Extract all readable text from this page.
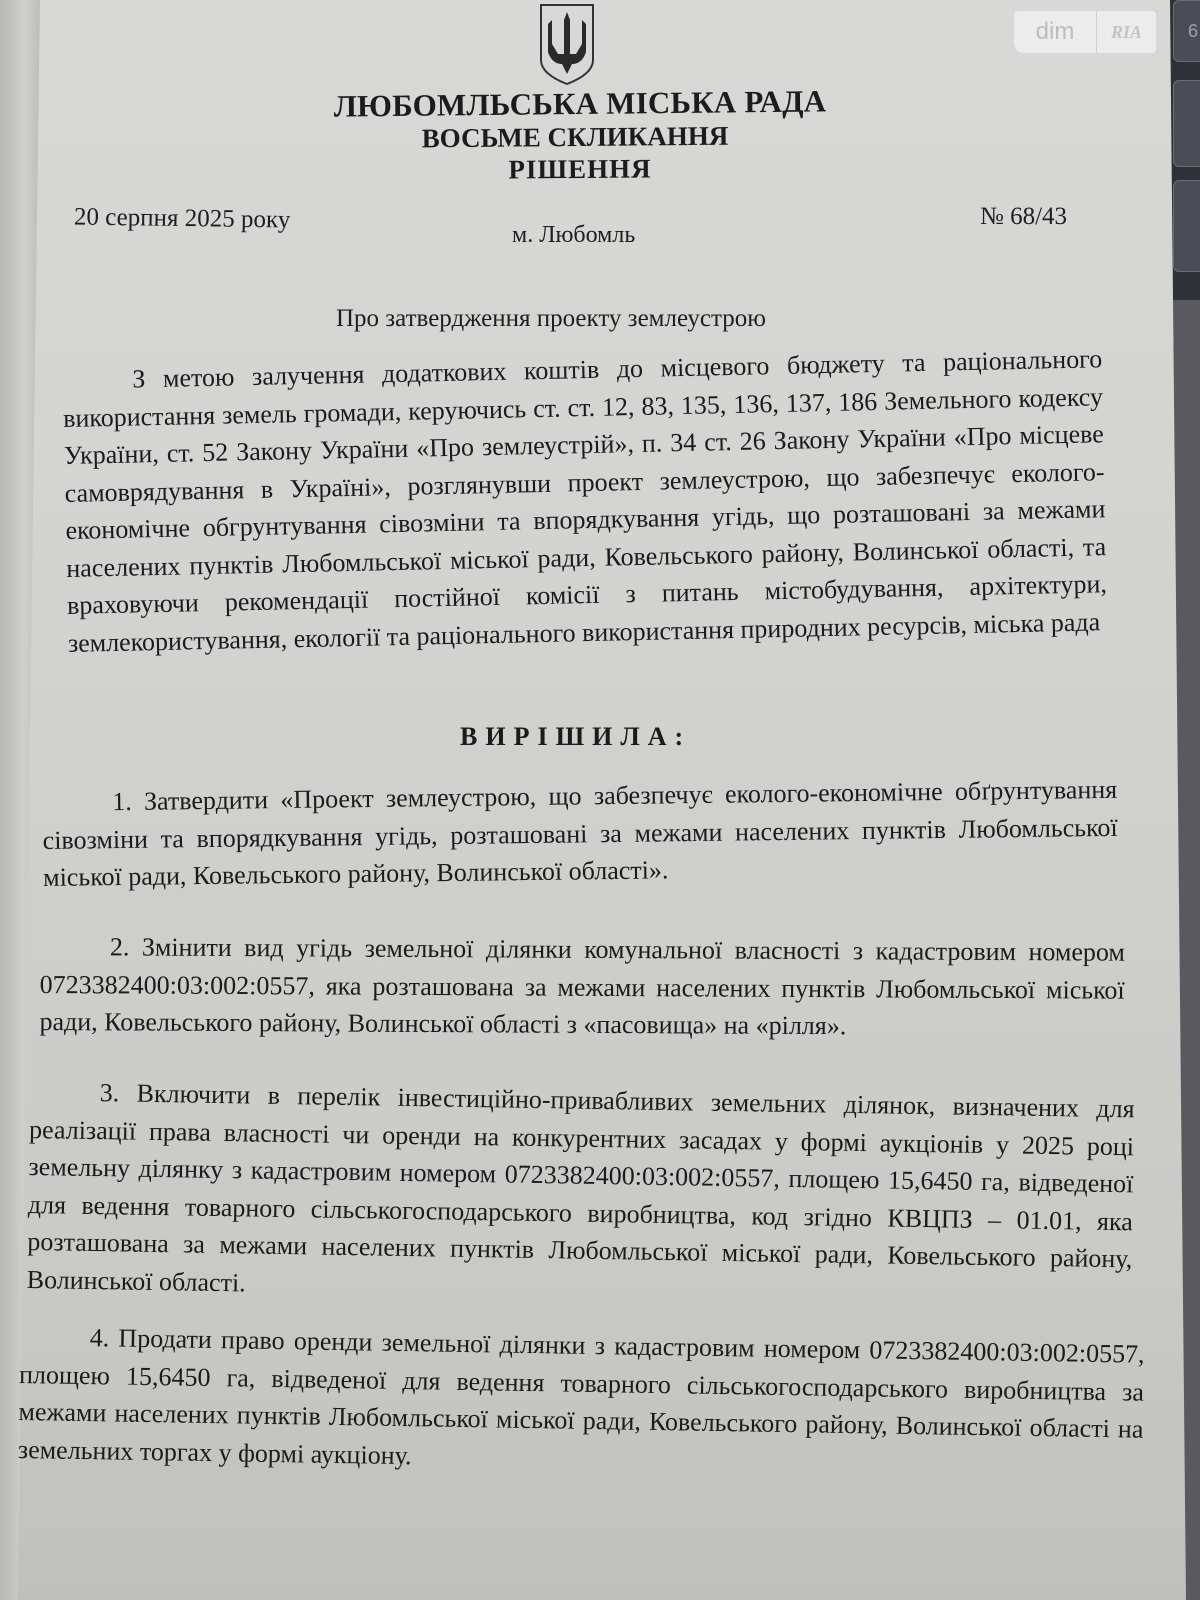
6
dim	RIA
ЛЮБОМЛЬСЬКА МІСЬКА РАДА
ВОСЬМЕ СКЛИКАННЯ
РІШЕННЯ
20 серпня 2025 року
м. Любомль
№ 68/43
Про затвердження проекту землеустрою
З метою залучення додаткових коштів до місцевого бюджету та раціонального використання земель громади, керуючись ст. ст. 12, 83, 135, 136, 137, 186 Земельного кодексу України, ст. 52 Закону України «Про землеустрій», п. 34 ст. 26 Закону України «Про місцеве самоврядування в Україні», розглянувши проект землеустрою, що забезпечує еколого-економічне обгрунтування сівозміни та впорядкування угідь, що розташовані за межами населених пунктів Любомльської міської ради, Ковельського району, Волинської області, та враховуючи рекомендації постійної комісії з питань містобудування, архітектури, землекористування, екології та раціонального використання природних ресурсів, міська рада
ВИРІШИЛА:
1. Затвердити «Проект землеустрою, що забезпечує еколого-економічне обґрунтування сівозміни та впорядкування угідь, розташовані за межами населених пунктів Любомльської міської ради, Ковельського району, Волинської області».
2. Змінити вид угідь земельної ділянки комунальної власності з кадастровим номером 0723382400:03:002:0557, яка розташована за межами населених пунктів Любомльської міської ради, Ковельського району, Волинської області з «пасовища» на «рілля».
3. Включити в перелік інвестиційно-привабливих земельних ділянок, визначених для реалізації права власності чи оренди на конкурентних засадах у формі аукціонів у 2025 році земельну ділянку з кадастровим номером 0723382400:03:002:0557, площею 15,6450 га, відведеної для ведення товарного сільськогосподарського виробництва, код згідно КВЦПЗ – 01.01, яка розташована за межами населених пунктів Любомльської міської ради, Ковельського району, Волинської області.
4. Продати право оренди земельної ділянки з кадастровим номером 0723382400:03:002:0557, площею 15,6450 га, відведеної для ведення товарного сільськогосподарського виробництва за межами населених пунктів Любомльської міської ради, Ковельського району, Волинської області на земельних торгах у формі аукціону.
